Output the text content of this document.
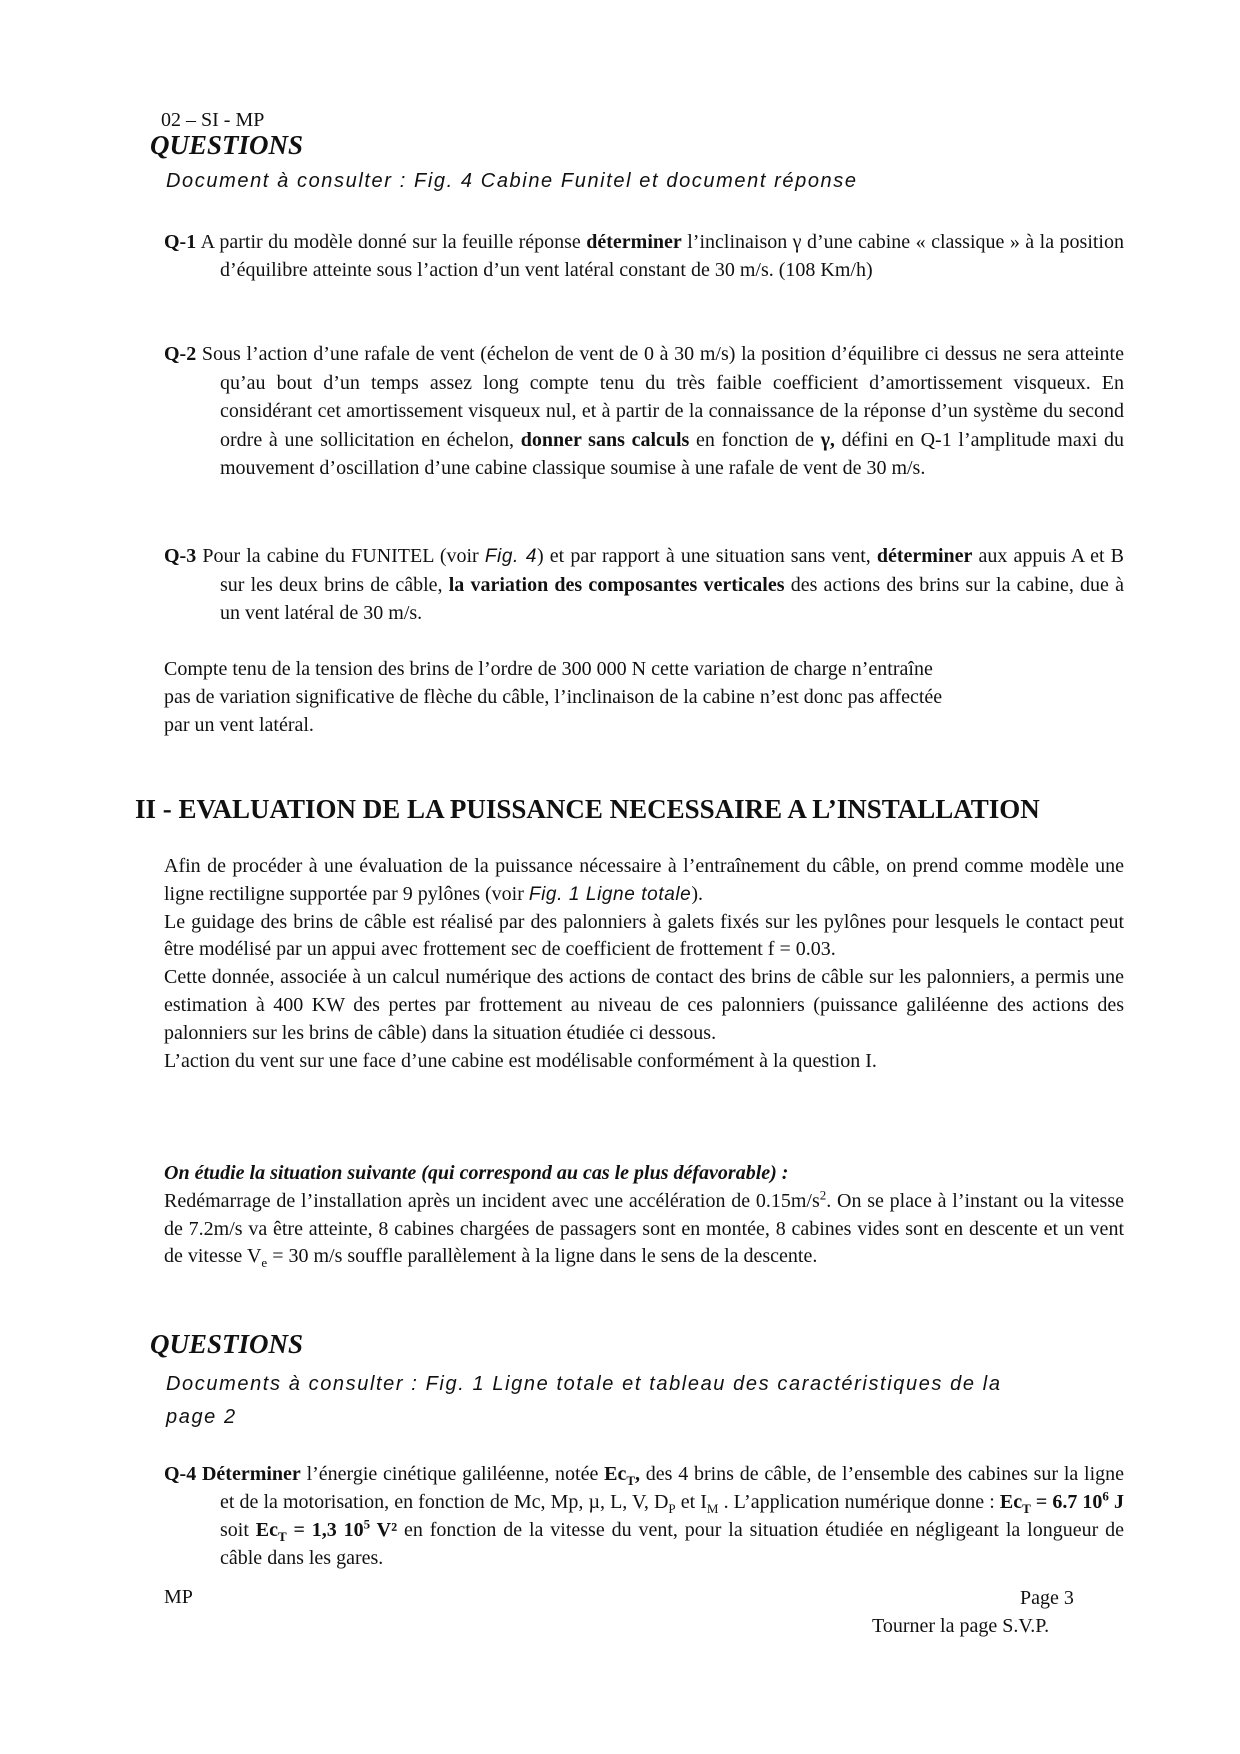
02 – SI - MP
QUESTIONS
Document à consulter : Fig. 4 Cabine Funitel et document réponse

Q-1 A partir du modèle donné sur la feuille réponse déterminer l’inclinaison γ d’une cabine « classique » à la position d’équilibre atteinte sous l’action d’un vent latéral constant de 30 m/s. (108 Km/h)

Q-2 Sous l’action d’une rafale de vent (échelon de vent de 0 à 30 m/s) la position d’équilibre ci dessus ne sera atteinte qu’au bout d’un temps assez long compte tenu du très faible coefficient d’amortissement visqueux. En considérant cet amortissement visqueux nul, et à partir de la connaissance de la réponse d’un système du second ordre à une sollicitation en échelon, donner sans calculs en fonction de γ, défini en Q-1 l’amplitude maxi du mouvement d’oscillation d’une cabine classique soumise à une rafale de vent de 30 m/s.

Q-3 Pour la cabine du FUNITEL (voir Fig. 4) et par rapport à une situation sans vent, déterminer aux appuis A et B sur les deux brins de câble, la variation des composantes verticales des actions des brins sur la cabine, due à un vent latéral de 30 m/s.

Compte tenu de la tension des brins de l’ordre de 300 000 N cette variation de charge n’entraîne
pas de variation significative de flèche du câble, l’inclinaison de la cabine n’est donc pas affectée
par un vent latéral.
II - EVALUATION DE LA PUISSANCE NECESSAIRE A L’INSTALLATION
Afin de procéder à une évaluation de la puissance nécessaire à l’entraînement du câble, on prend comme modèle une ligne rectiligne supportée par 9 pylônes (voir Fig. 1 Ligne totale).
Le guidage des brins de câble est réalisé par des palonniers à galets fixés sur les pylônes pour lesquels le contact peut être modélisé par un appui avec frottement sec de coefficient de frottement f = 0.03.
Cette donnée, associée à un calcul numérique des actions de contact des brins de câble sur les palonniers, a permis une estimation à 400 KW des pertes par frottement au niveau de ces palonniers (puissance galiléenne des actions des palonniers sur les brins de câble) dans la situation étudiée ci dessous.
L’action du vent sur une face d’une cabine est modélisable conformément à la question I.
On étudie la situation suivante (qui correspond au cas le plus défavorable) :
Redémarrage de l’installation après un incident avec une accélération de $0.15m/s^2$. On se place à l’instant ou la vitesse de 7.2m/s va être atteinte, 8 cabines chargées de passagers sont en montée, 8 cabines vides sont en descente et un vent de vitesse $V_e = 30$ m/s souffle parallèlement à la ligne dans le sens de la descente.
QUESTIONS
Documents à consulter : Fig. 1 Ligne totale et tableau des caractéristiques de la
page 2

Q-4 Déterminer l’énergie cinétique galiléenne, notée $Ec_T$, des 4 brins de câble, de l’ensemble des cabines sur la ligne et de la motorisation, en fonction de Mc, Mp, µ, L, V, $D_P$ et $I_M$ . L’application numérique donne : $Ec_T = 6.7$ $10^6$ J soit $Ec_T = 1,3$ $10^5$ V² en fonction de la vitesse du vent, pour la situation étudiée en négligeant la longueur de câble dans les gares.

MP	Page 3
Tourner la page S.V.P.
